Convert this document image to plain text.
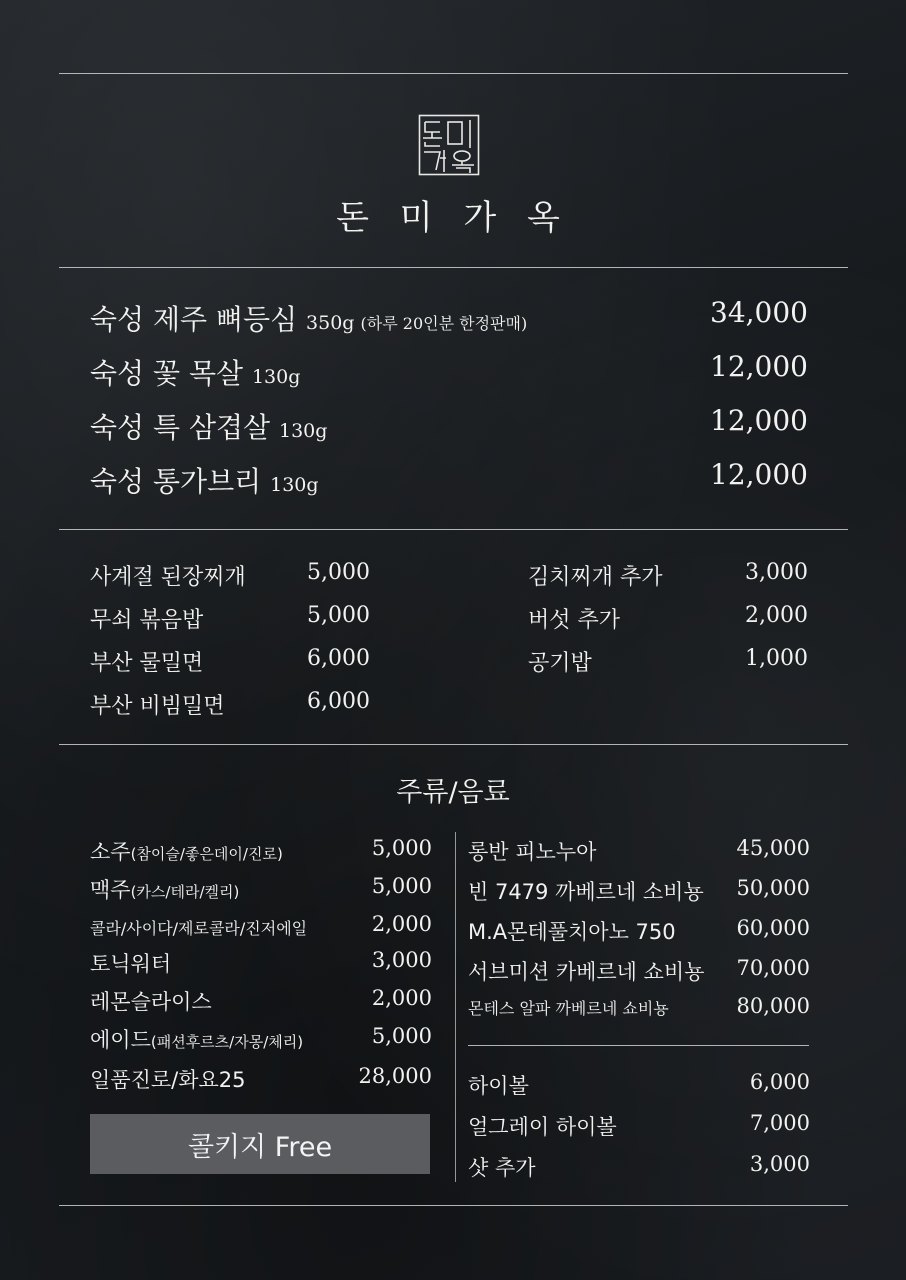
돈 미 가 옥
숙성 제주 뼈등심 350g (하루 20인분 한정판매)	34,000
숙성 꽃 목살 130g	12,000
숙성 특 삼겹살 130g	12,000
숙성 통가브리 130g	12,000
사계절 된장찌개	5,000
무쇠 볶음밥	5,000
부산 물밀면	6,000
부산 비빔밀면	6,000
김치찌개 추가	3,000
버섯 추가	2,000
공기밥	1,000
주류/음료
소주(참이슬/좋은데이/진로)	5,000
맥주(카스/테라/켈리)	5,000
콜라/사이다/제로콜라/진저에일	2,000
토닉워터	3,000
레몬슬라이스	2,000
에이드(패션후르츠/자몽/체리)	5,000
일품진로/화요25	28,000
롱반 피노누아	45,000
빈 7479 까베르네 소비뇽	50,000
M.A몬테풀치아노 750	60,000
서브미션 카베르네 쇼비뇽	70,000
몬테스 알파 까베르네 쇼비뇽	80,000
하이볼	6,000
얼그레이 하이볼	7,000
샷 추가	3,000
콜키지 Free
